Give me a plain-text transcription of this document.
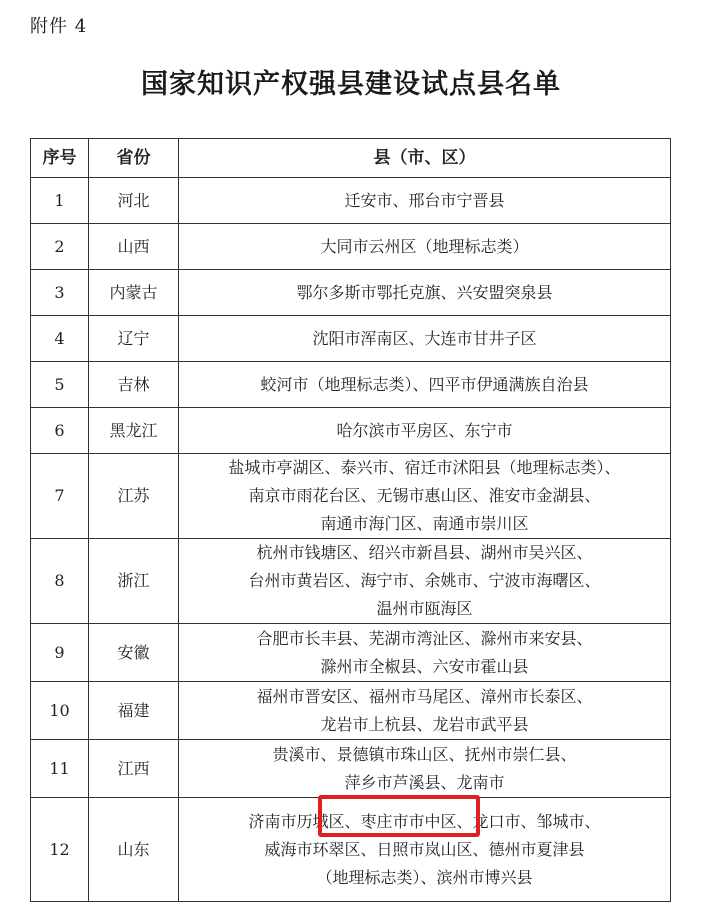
附件 4
国家知识产权强县建设试点县名单
序号	省份	县（市、区）
1	河北	迁安市、邢台市宁晋县

2	山西	大同市云州区（地理标志类）

3	内蒙古	鄂尔多斯市鄂托克旗、兴安盟突泉县

4	辽宁	沈阳市浑南区、大连市甘井子区

5	吉林	蛟河市（地理标志类）、四平市伊通满族自治县

6	黑龙江	哈尔滨市平房区、东宁市

7	江苏	盐城市亭湖区、泰兴市、宿迁市沭阳县（地理标志类）、
南京市雨花台区、无锡市惠山区、淮安市金湖县、
南通市海门区、南通市崇川区

8	浙江	杭州市钱塘区、绍兴市新昌县、湖州市吴兴区、
台州市黄岩区、海宁市、余姚市、宁波市海曙区、
温州市瓯海区

9	安徽	合肥市长丰县、芜湖市湾沚区、滁州市来安县、
滁州市全椒县、六安市霍山县

10	福建	福州市晋安区、福州市马尾区、漳州市长泰区、
龙岩市上杭县、龙岩市武平县

11	江西	贵溪市、景德镇市珠山区、抚州市崇仁县、
萍乡市芦溪县、龙南市

12	山东	济南市历城区、枣庄市市中区、龙口市、邹城市、
威海市环翠区、日照市岚山区、德州市夏津县
（地理标志类）、滨州市博兴县
